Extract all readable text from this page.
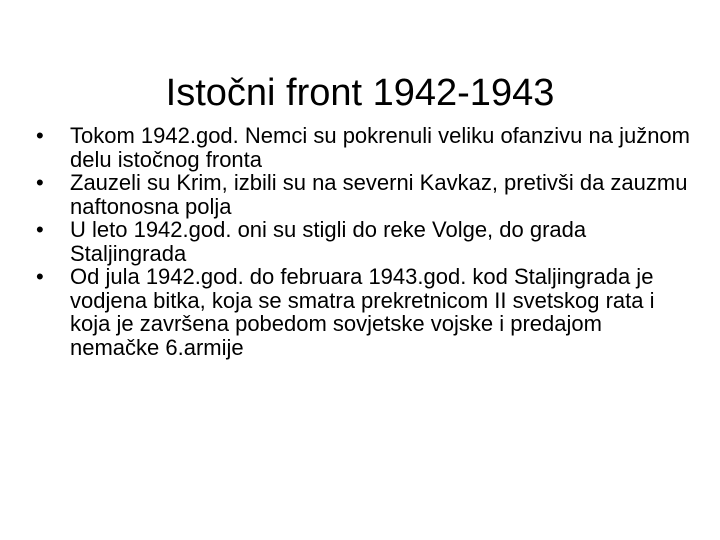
Istočni front 1942-1943
•	Tokom 1942.god. Nemci su pokrenuli veliku ofanzivu na južnom delu istočnog fronta
•	Zauzeli su Krim, izbili su na severni Kavkaz, pretivši da zauzmu naftonosna polja
•	U leto 1942.god. oni su stigli do reke Volge, do grada Staljingrada
•	Od jula 1942.god. do februara 1943.god. kod Staljingrada je vodjena bitka, koja se smatra prekretnicom II svetskog rata i koja je završena pobedom sovjetske vojske i predajom nemačke 6.armije
